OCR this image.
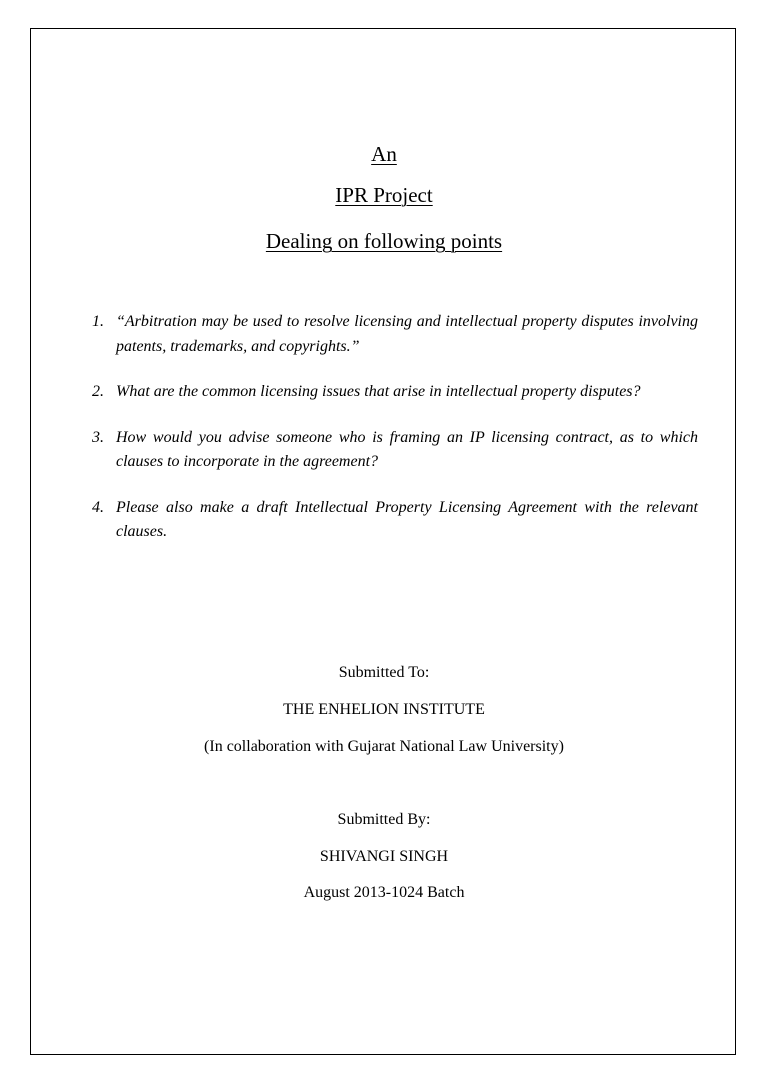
An
IPR Project
Dealing on following points
1. “Arbitration may be used to resolve licensing and intellectual property disputes involving patents, trademarks, and copyrights.”
2. What are the common licensing issues that arise in intellectual property disputes?
3. How would you advise someone who is framing an IP licensing contract, as to which clauses to incorporate in the agreement?
4. Please also make a draft Intellectual Property Licensing Agreement with the relevant clauses.
Submitted To:
THE ENHELION INSTITUTE
(In collaboration with Gujarat National Law University)
Submitted By:
SHIVANGI SINGH
August 2013-1024 Batch
